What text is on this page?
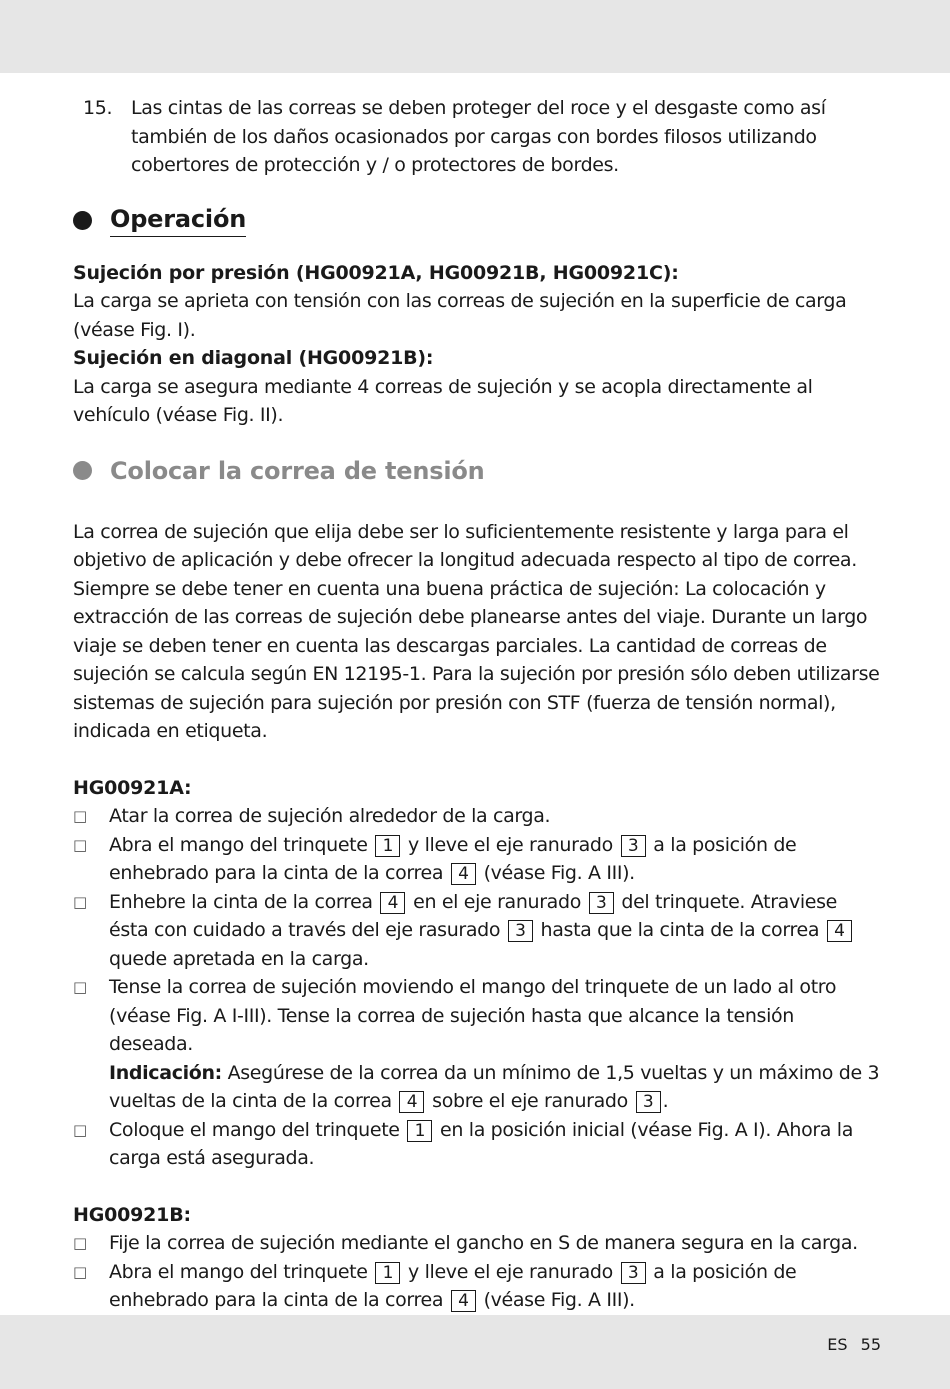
15. Las cintas de las correas se deben proteger del roce y el desgaste como así también de los daños ocasionados por cargas con bordes filosos utilizando cobertores de protección y / o protectores de bordes.

Operación
Sujeción por presión (HG00921A, HG00921B, HG00921C):

La carga se aprieta con tensión con las correas de sujeción en la superficie de carga (véase Fig. I).

Sujeción en diagonal (HG00921B):

La carga se asegura mediante 4 correas de sujeción y se acopla directamente al vehículo (véase Fig. II).

Colocar la correa de tensión

La correa de sujeción que elija debe ser lo suficientemente resistente y larga para el objetivo de aplicación y debe ofrecer la longitud adecuada respecto al tipo de correa. Siempre se debe tener en cuenta una buena práctica de sujeción: La colocación y extracción de las correas de sujeción debe planearse antes del viaje. Durante un largo viaje se deben tener en cuenta las descargas parciales. La cantidad de correas de sujeción se calcula según EN 12195-1. Para la sujeción por presión sólo deben utilizarse sistemas de sujeción para sujeción por presión con STF (fuerza de tensión normal), indicada en etiqueta.

HG00921A:
□	Atar la correa de sujeción alrededor de la carga.

□	Abra el mango del trinquete 1 y lleve el eje ranurado 3 a la posición de enhebrado para la cinta de la correa 4 (véase Fig. A III).

□	Enhebre la cinta de la correa 4 en el eje ranurado 3 del trinquete. Atraviese ésta con cuidado a través del eje rasurado 3 hasta que la cinta de la correa 4 quede apretada en la carga.

□	Tense la correa de sujeción moviendo el mango del trinquete de un lado al otro (véase Fig. A I-III). Tense la correa de sujeción hasta que alcance la tensión deseada.
Indicación: Asegúrese de la correa da un mínimo de 1,5 vueltas y un máximo de 3 vueltas de la cinta de la correa 4 sobre el eje ranurado 3 .

□	Coloque el mango del trinquete 1 en la posición inicial (véase Fig. A I). Ahora la carga está asegurada.

HG00921B:
□	Fije la correa de sujeción mediante el gancho en S de manera segura en la carga.

□	Abra el mango del trinquete 1 y lleve el eje ranurado 3 a la posición de enhebrado para la cinta de la correa 4 (véase Fig. A III).

ES 55
